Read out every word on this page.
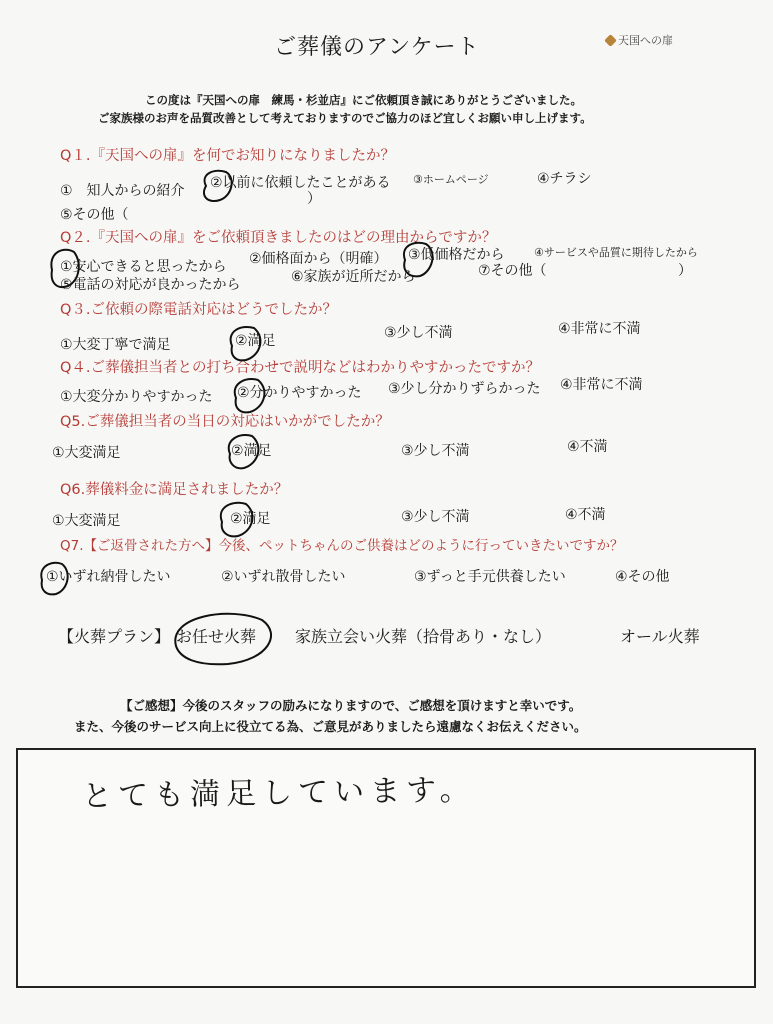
ご葬儀のアンケート	天国への扉
この度は『天国への扉　練馬・杉並店』にご依頼頂き誠にありがとうございました。
ご家族様のお声を品質改善として考えておりますのでご協力のほど宜しくお願い申し上げます。
Q１.『天国への扉』を何でお知りになりましたか？
①　知人からの紹介 ②以前に依頼したことがある ③ホームページ	④チラシ
⑤その他（
）
Q２.『天国への扉』をご依頼頂きましたのはどの理由からですか？
①安心できると思ったから ②価格面から（明確） ③低価格だから	④サービスや品質に期待したから
⑤電話の対応が良かったから	⑥家族が近所だから	⑦その他（	）
Q３.ご依頼の際電話対応はどうでしたか？
①大変丁寧で満足	②満足	③少し不満	④非常に不満
Q４.ご葬儀担当者との打ち合わせで説明などはわかりやすかったですか？
①大変分かりやすかった ②分かりやすかった ③少し分かりずらかった ④非常に不満
Q5.ご葬儀担当者の当日の対応はいかがでしたか？
①大変満足	②満足	③少し不満	④不満
Q6.葬儀料金に満足されましたか？
①大変満足	②満足	③少し不満	④不満
Q7.【ご返骨された方へ】今後、ペットちゃんのご供養はどのように行っていきたいですか？
①いずれ納骨したい	②いずれ散骨したい	③ずっと手元供養したい	④その他
【火葬プラン】 お任せ火葬 家族立会い火葬（拾骨あり・なし）	オール火葬
【ご感想】今後のスタッフの励みになりますので、ご感想を頂けますと幸いです。
また、今後のサービス向上に役立てる為、ご意見がありましたら遠慮なくお伝えください。
とても満足しています。
